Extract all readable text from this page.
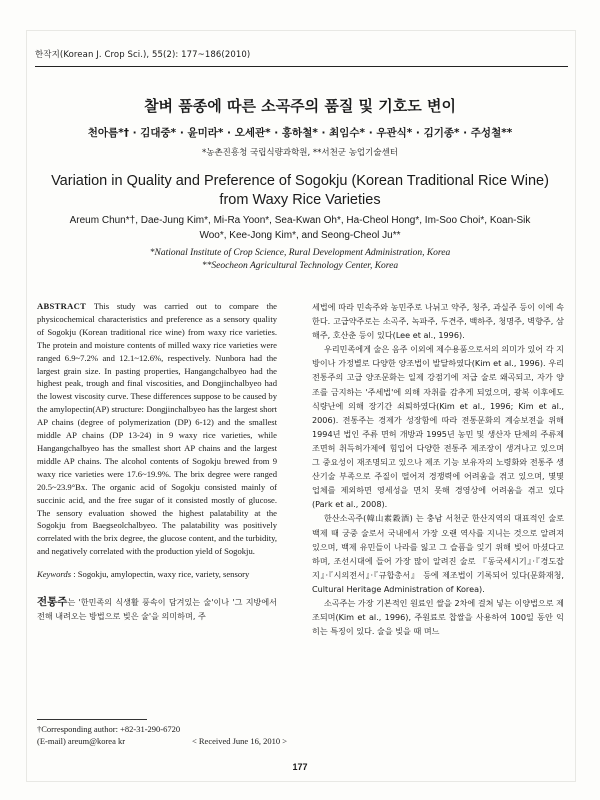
한작지(Korean J. Crop Sci.), 55(2): 177~186(2010)
찰벼 품종에 따른 소곡주의 품질 및 기호도 변이
천아름*† · 김대중* · 윤미라* · 오세관* · 홍하철* · 최임수* · 우관식* · 김기종* · 주성철**
*농촌진흥청 국립식량과학원, **서천군 농업기술센터
Variation in Quality and Preference of Sogokju (Korean Traditional Rice Wine) from Waxy Rice Varieties
Areum Chun*†, Dae-Jung Kim*, Mi-Ra Yoon*, Sea-Kwan Oh*, Ha-Cheol Hong*, Im-Soo Choi*, Koan-Sik Woo*, Kee-Jong Kim*, and Seong-Cheol Ju**
*National Institute of Crop Science, Rural Development Administration, Korea
**Seocheon Agricultural Technology Center, Korea

ABSTRACT This study was carried out to compare the physicochemical characteristics and preference as a sensory quality of Sogokju (Korean traditional rice wine) from waxy rice varieties. The protein and moisture contents of milled waxy rice varieties were ranged 6.9~7.2% and 12.1~12.6%, respectively. Nunbora had the largest grain size. In pasting properties, Hangangchalbyeo had the highest peak, trough and final viscosities, and Dongjinchalbyeo had the lowest viscosity curve. These differences suppose to be caused by the amylopectin(AP) structure: Dongjinchalbyeo has the largest short AP chains (degree of polymerization (DP) 6-12) and the smallest middle AP chains (DP 13-24) in 9 waxy rice varieties, while Hangangchalbyeo has the smallest short AP chains and the largest middle AP chains. The alcohol contents of Sogokju brewed from 9 waxy rice varieties were 17.6~19.9%. The brix degree were ranged 20.5~23.9°Bx. The organic acid of Sogokju consisted mainly of succinic acid, and the free sugar of it consisted mostly of glucose. The sensory evaluation showed the highest palatability at the Sogokju from Baegseolchalbyeo. The palatability was positively correlated with the brix degree, the glucose content, and the turbidity, and negatively correlated with the production yield of Sogokju.

Keywords : Sogokju, amylopectin, waxy rice, variety, sensory

전통주는 '한민족의 식생활 풍속이 담겨있는 술'이나 '그 지방에서 전해 내려오는 방법으로 빚은 술'을 의미하며, 주

세법에 따라 민속주와 농민주로 나뉘고 약주, 청주, 과실주 등이 이에 속한다. 고급약주로는 소곡주, 녹파주, 두견주, 백하주, 청명주, 벽향주, 삼해주, 호산춘 등이 있다(Lee et al., 1996).

우리민족에게 술은 음주 이외에 제수용품으로서의 의미가 있어 각 지방이나 가정별로 다양한 양조법이 발달하였다(Kim et al., 1996). 우리 전통주의 고급 양조문화는 일제 강점기에 저급 술로 왜곡되고, 자가 양조를 금지하는 '주세법'에 의해 자취를 감추게 되었으며, 광복 이후에도 식량난에 의해 장기간 쇠퇴하였다(Kim et al., 1996; Kim et al., 2006). 전통주는 경제가 성장함에 따라 전통문화의 계승보전을 위해 1994년 법인 주류 면허 개방과 1995년 농민 및 생산자 단체의 주류제조면허 취득허가제에 힘입어 다양한 전통주 제조장이 생겨나고 있으며 그 중요성이 재조명되고 있으나 제조 기능 보유자의 노령화와 전통주 생산기술 부족으로 주질이 떨어져 경쟁력에 어려움을 겪고 있으며, 몇몇 업체를 제외하면 영세성을 면치 못해 경영상에 어려움을 겪고 있다 (Park et al., 2008).

한산소곡주(韓山素穀酒) 는 충남 서천군 한산지역의 대표적인 술로 백제 때 궁중 술로서 국내에서 가장 오랜 역사를 지니는 것으로 알려져 있으며, 백제 유민들이 나라를 잃고 그 슬픔을 잊기 위해 빚어 마셨다고 하며, 조선시대에 들어 가장 많이 알려진 술로 『동국세시기』·『경도잡지』·『시의전서』·『규합총서』 등에 제조법이 기록되어 있다(문화재청, Cultural Heritage Administration of Korea).

소곡주는 가장 기본적인 원료인 쌀을 2차에 걸쳐 넣는 이양법으로 제조되며(Kim et al., 1996), 주원료로 찹쌀을 사용하여 100일 동안 익히는 특징이 있다. 술을 빚을 때 며느

†Corresponding author: +82-31-290-6720
(E-mail) areum@korea kr	< Received June 16, 2010 >
177
